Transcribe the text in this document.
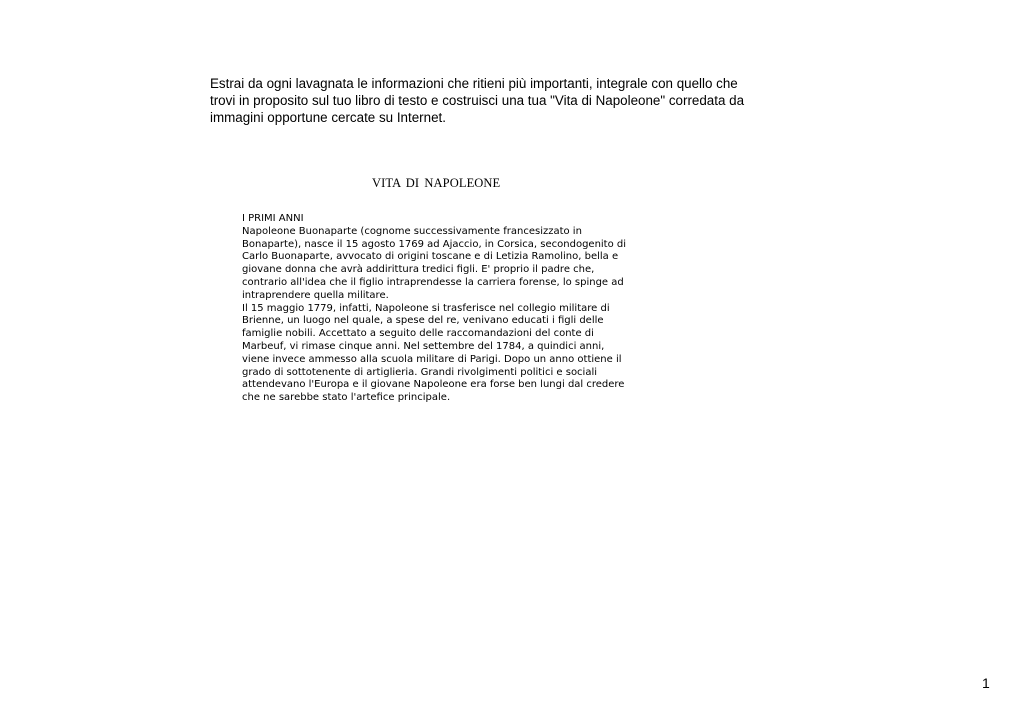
Estrai da ogni lavagnata le informazioni che ritieni più importanti, integrale con quello che
trovi in proposito sul tuo libro di testo e costruisci una tua "Vita di Napoleone" corredata da
immagini opportune cercate su Internet.
VITA DI NAPOLEONE
I PRIMI ANNI
Napoleone Buonaparte (cognome successivamente francesizzato in
Bonaparte), nasce il 15 agosto 1769 ad Ajaccio, in Corsica, secondogenito di
Carlo Buonaparte, avvocato di origini toscane e di Letizia Ramolino, bella e
giovane donna che avrà addirittura tredici figli. E' proprio il padre che,
contrario all'idea che il figlio intraprendesse la carriera forense, lo spinge ad
intraprendere quella militare.
Il 15 maggio 1779, infatti, Napoleone si trasferisce nel collegio militare di
Brienne, un luogo nel quale, a spese del re, venivano educati i figli delle
famiglie nobili. Accettato a seguito delle raccomandazioni del conte di
Marbeuf, vi rimase cinque anni. Nel settembre del 1784, a quindici anni,
viene invece ammesso alla scuola militare di Parigi. Dopo un anno ottiene il
grado di sottotenente di artiglieria. Grandi rivolgimenti politici e sociali
attendevano l'Europa e il giovane Napoleone era forse ben lungi dal credere
che ne sarebbe stato l'artefice principale.
1
